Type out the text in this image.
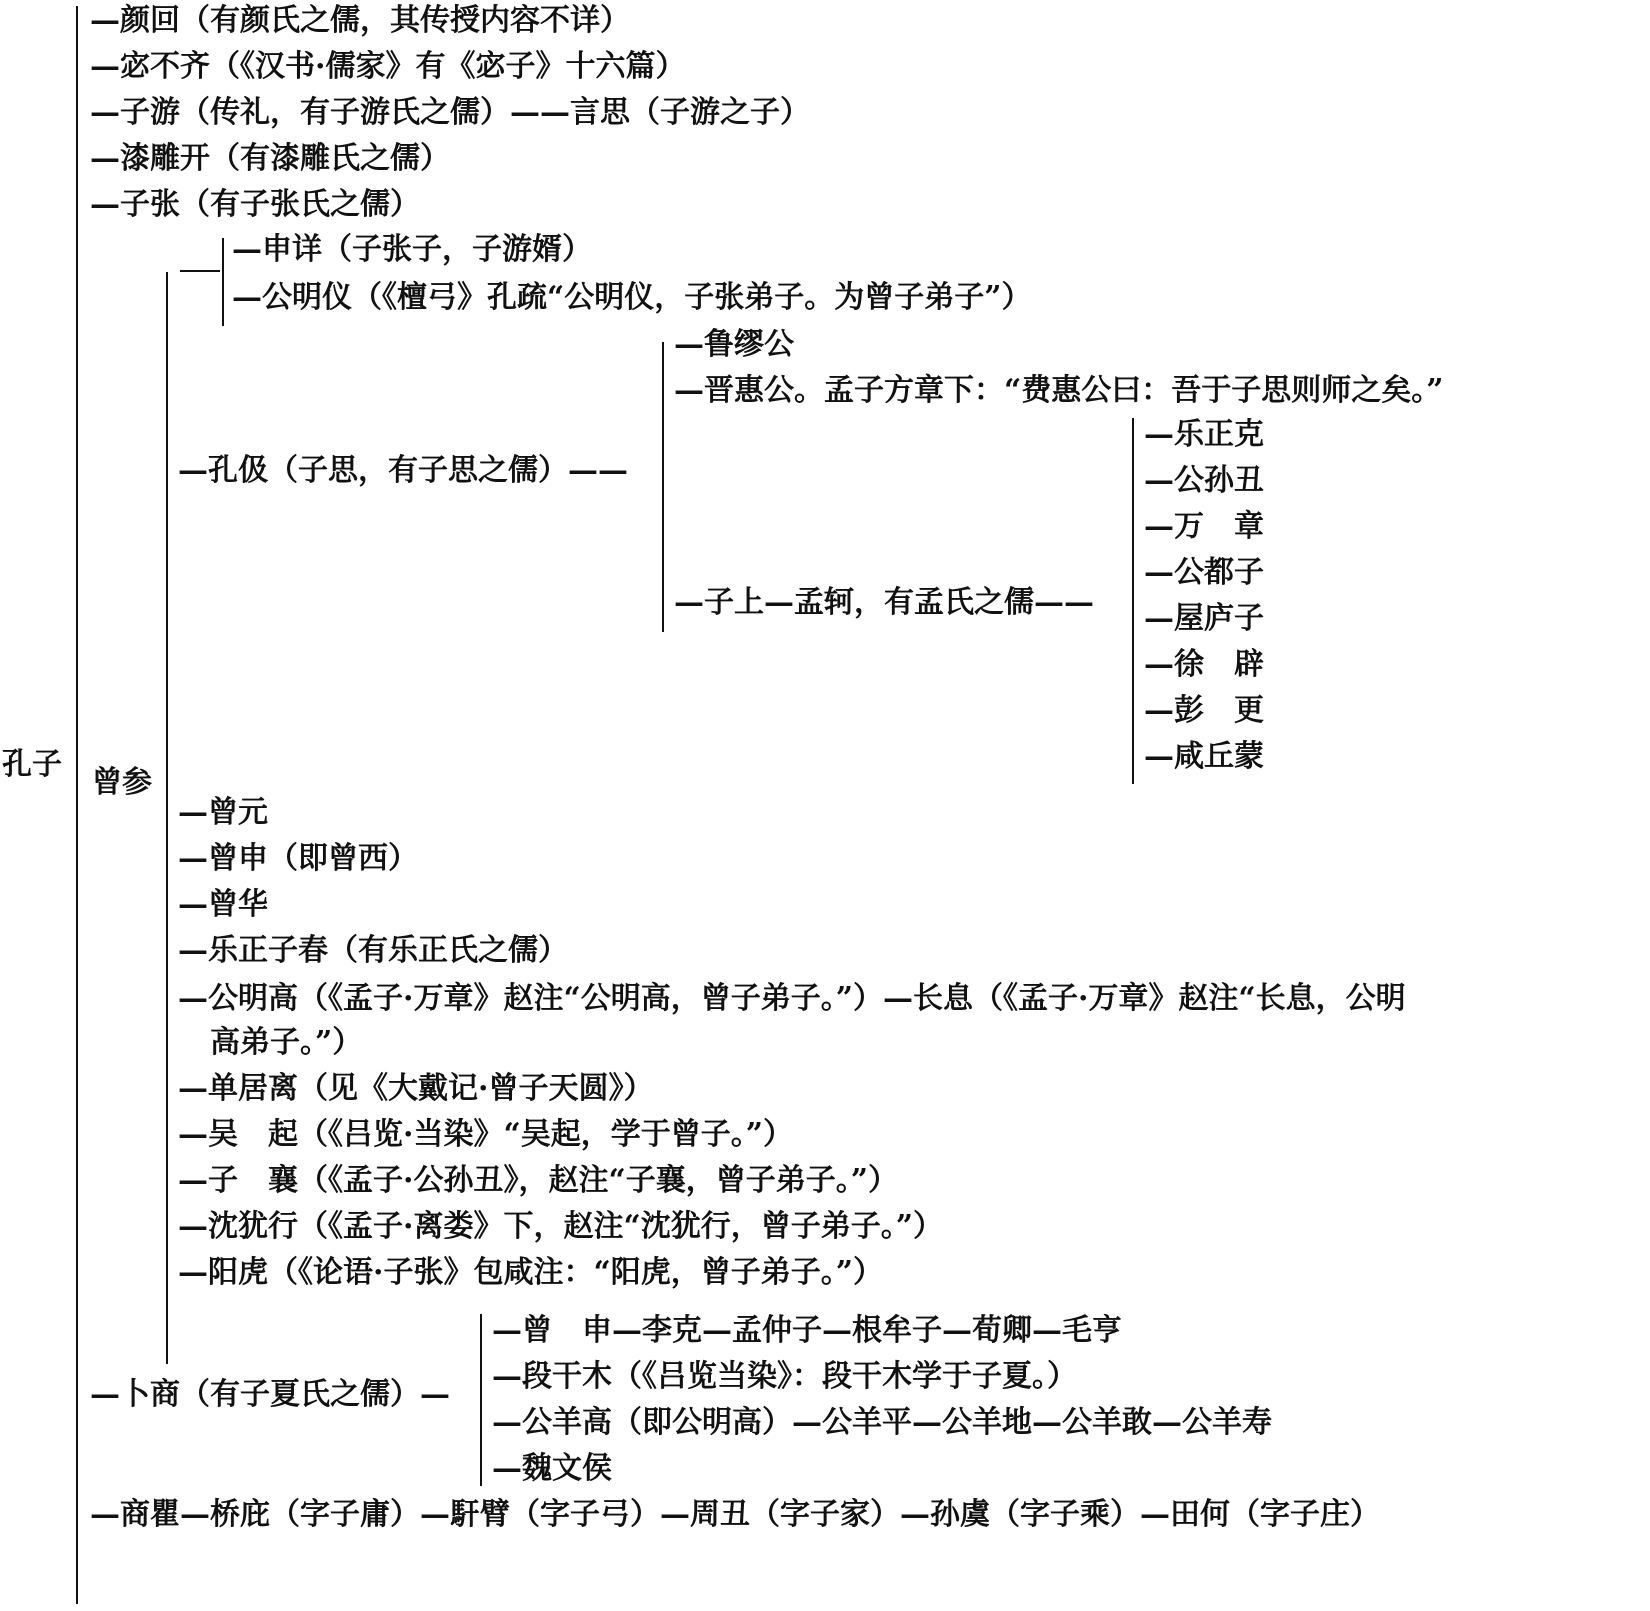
孔子
—颜回（有颜氏之儒，其传授内容不详）
—宓不齐（《汉书·儒家》有《宓子》十六篇）
—子游（传礼，有子游氏之儒）——言思（子游之子）
—漆雕开（有漆雕氏之儒）
—子张（有子张氏之儒）
—申详（子张子，子游婿）
—公明仪（《檀弓》孔疏“公明仪，子张弟子。为曾子弟子”）
曾参
—孔伋（子思，有子思之儒）——
—鲁缪公
—晋惠公。孟子方章下：“费惠公曰：吾于子思则师之矣。”
—子上—孟轲，有孟氏之儒——
—乐正克
—公孙丑
—万　章
—公都子
—屋庐子
—徐　辟
—彭　更
—咸丘蒙
—曾元
—曾申（即曾西）
—曾华
—乐正子春（有乐正氏之儒）
—公明高（《孟子·万章》赵注“公明高，曾子弟子。”）—长息（《孟子·万章》赵注“长息，公明
高弟子。”）
—单居离（见《大戴记·曾子天圆》）
—吴　起（《吕览·当染》“吴起，学于曾子。”）
—子　襄（《孟子·公孙丑》，赵注“子襄，曾子弟子。”）
—沈犹行（《孟子·离娄》下，赵注“沈犹行，曾子弟子。”）
—阳虎（《论语·子张》包咸注：“阳虎，曾子弟子。”）
—卜商（有子夏氏之儒）—
—曾　申—李克—孟仲子—根牟子—荀卿—毛亨
—段干木（《吕览当染》：段干木学于子夏。）
—公羊高（即公明高）—公羊平—公羊地—公羊敢—公羊寿
—魏文侯
—商瞿—桥庇（字子庸）—馯臂（字子弓）—周丑（字子家）—孙虞（字子乘）—田何（字子庄）
